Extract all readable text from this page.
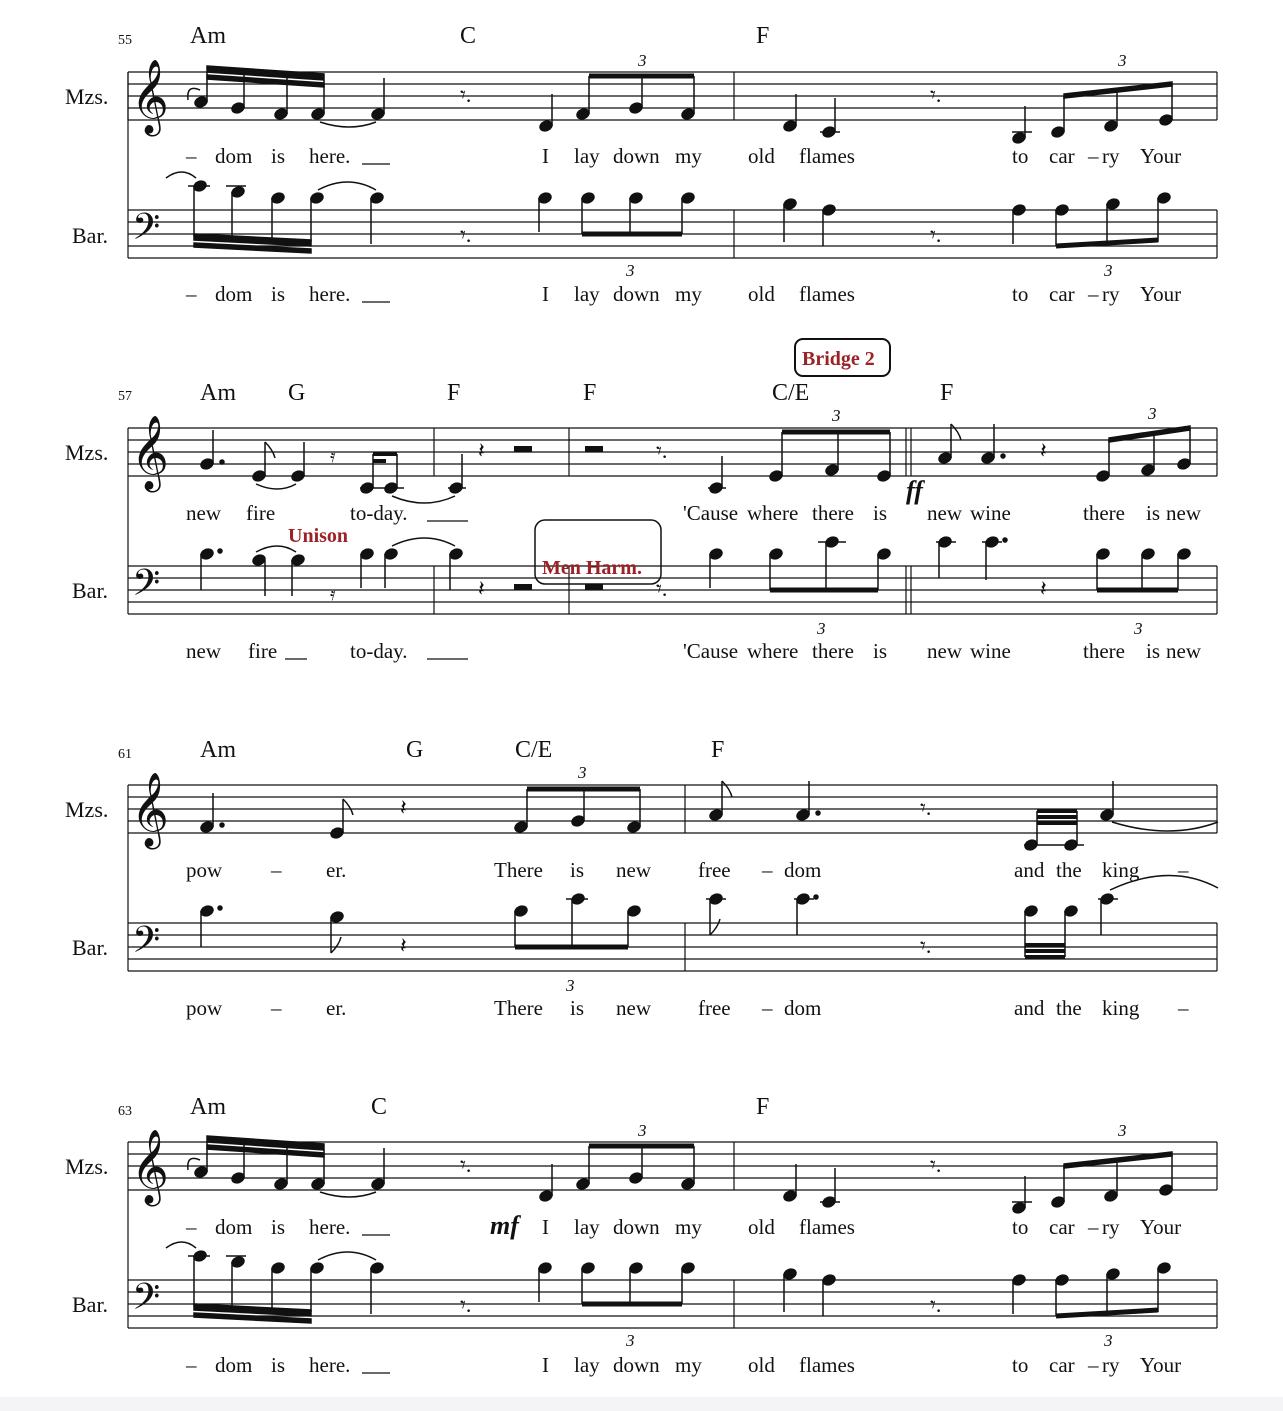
55 Am	C	F
Mzs.
Bar.
𝄞
𝄢
𝄾.	𝄾.
3	3
𝄾.	𝄾.
3	3
– dom is here.	I lay down my old flames	to car – ry Your
– dom is here.	I lay down my old flames	to car – ry Your
Bridge 2
57	Am G	F	F	C/E	F
Mzs.
Bar.
𝄞
𝄢
𝄿	𝄽	𝄾.	𝄽
3	3
ff
𝄿	𝄽	𝄾.	𝄽
3	3
Unison
Men Harm.
new fire	to-day.	'Cause where there is new wine	there is new
new fire	to-day.	'Cause where there is new wine	there is new
61	Am	G	C/E	F
Mzs.
Bar.
𝄞
𝄢
𝄽	𝄾.
3
𝄽	𝄾.
3
pow – er.	There is new free – dom	and the king –
pow – er.	There is new free – dom	and the king –
63 Am	C	F
Mzs.
Bar.
𝄞
𝄢
𝄾.	𝄾.
3	3
mf
𝄾.	𝄾.
3	3
– dom is here.	I lay down my old flames	to car – ry Your
– dom is here.	I lay down my old flames	to car – ry Your
